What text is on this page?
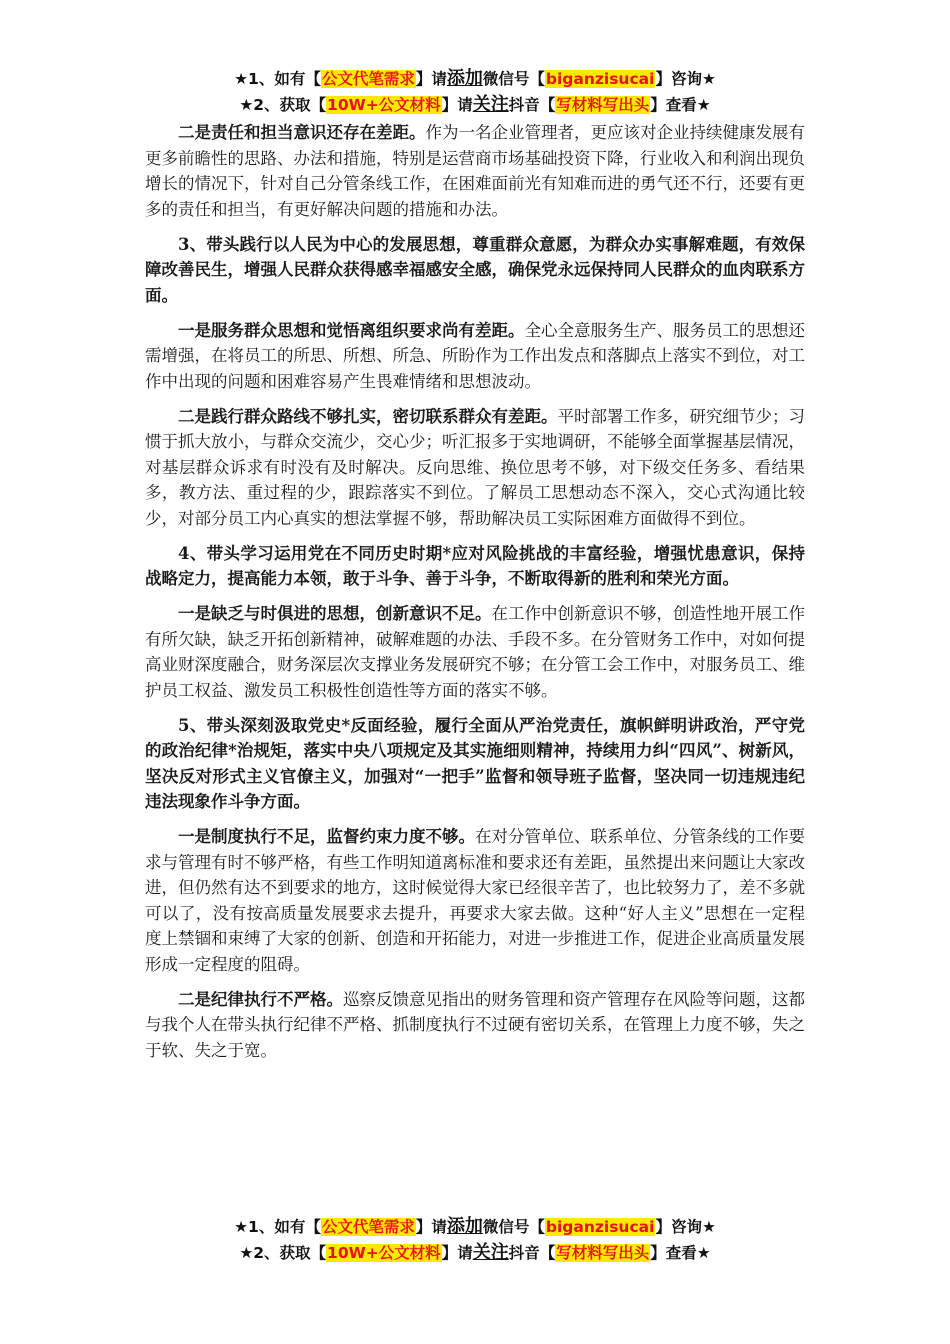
★1、如有【公文代笔需求】请添加微信号【biganzisucai】咨询★
★2、获取【10W+公文材料】请关注抖音【写材料写出头】查看★

二是责任和担当意识还存在差距。作为一名企业管理者，更应该对企业持续健康发展有更多前瞻性的思路、办法和措施，特别是运营商市场基础投资下降，行业收入和利润出现负增长的情况下，针对自己分管条线工作，在困难面前光有知难而进的勇气还不行，还要有更多的责任和担当，有更好解决问题的措施和办法。

3、带头践行以人民为中心的发展思想，尊重群众意愿，为群众办实事解难题，有效保障改善民生，增强人民群众获得感幸福感安全感，确保党永远保持同人民群众的血肉联系方面。

一是服务群众思想和觉悟离组织要求尚有差距。全心全意服务生产、服务员工的思想还需增强，在将员工的所思、所想、所急、所盼作为工作出发点和落脚点上落实不到位，对工作中出现的问题和困难容易产生畏难情绪和思想波动。

二是践行群众路线不够扎实，密切联系群众有差距。平时部署工作多，研究细节少；习惯于抓大放小，与群众交流少，交心少；听汇报多于实地调研，不能够全面掌握基层情况，对基层群众诉求有时没有及时解决。反向思维、换位思考不够，对下级交任务多、看结果多，教方法、重过程的少，跟踪落实不到位。了解员工思想动态不深入，交心式沟通比较少，对部分员工内心真实的想法掌握不够，帮助解决员工实际困难方面做得不到位。

4、带头学习运用党在不同历史时期*应对风险挑战的丰富经验，增强忧患意识，保持战略定力，提高能力本领，敢于斗争、善于斗争，不断取得新的胜利和荣光方面。

一是缺乏与时俱进的思想，创新意识不足。在工作中创新意识不够，创造性地开展工作有所欠缺，缺乏开拓创新精神，破解难题的办法、手段不多。在分管财务工作中，对如何提高业财深度融合，财务深层次支撑业务发展研究不够；在分管工会工作中，对服务员工、维护员工权益、激发员工积极性创造性等方面的落实不够。

5、带头深刻汲取党史*反面经验，履行全面从严治党责任，旗帜鲜明讲政治，严守党的政治纪律*治规矩，落实中央八项规定及其实施细则精神，持续用力纠“四风”、树新风，坚决反对形式主义官僚主义，加强对“一把手”监督和领导班子监督，坚决同一切违规违纪违法现象作斗争方面。

一是制度执行不足，监督约束力度不够。在对分管单位、联系单位、分管条线的工作要求与管理有时不够严格，有些工作明知道离标准和要求还有差距，虽然提出来问题让大家改进，但仍然有达不到要求的地方，这时候觉得大家已经很辛苦了，也比较努力了，差不多就可以了，没有按高质量发展要求去提升，再要求大家去做。这种“好人主义”思想在一定程度上禁锢和束缚了大家的创新、创造和开拓能力，对进一步推进工作，促进企业高质量发展形成一定程度的阻碍。

二是纪律执行不严格。巡察反馈意见指出的财务管理和资产管理存在风险等问题，这都与我个人在带头执行纪律不严格、抓制度执行不过硬有密切关系，在管理上力度不够，失之于软、失之于宽。

★1、如有【公文代笔需求】请添加微信号【biganzisucai】咨询★
★2、获取【10W+公文材料】请关注抖音【写材料写出头】查看★
